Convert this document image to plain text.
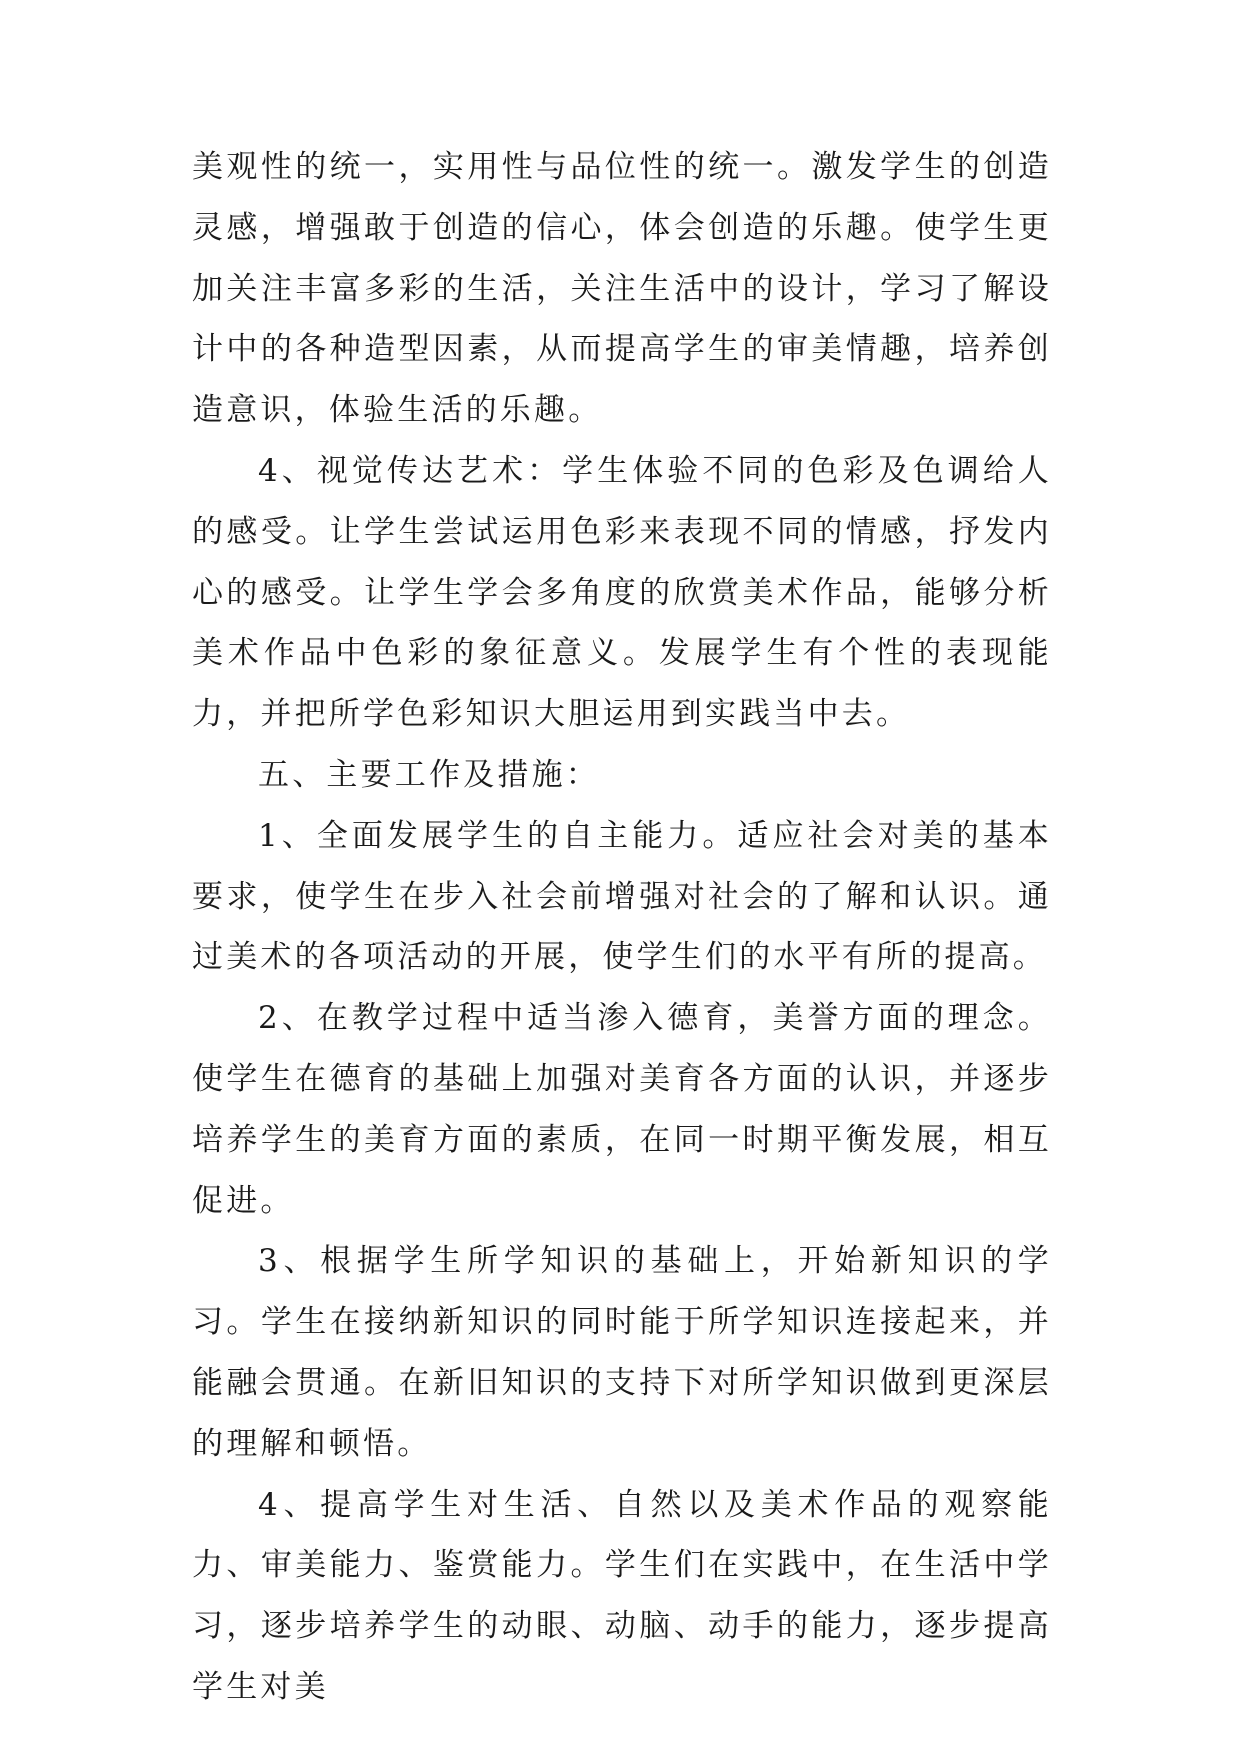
美观性的统一，实用性与品位性的统一。激发学生的创造灵感，增强敢于创造的信心，体会创造的乐趣。使学生更加关注丰富多彩的生活，关注生活中的设计，学习了解设计中的各种造型因素，从而提高学生的审美情趣，培养创造意识，体验生活的乐趣。

4、视觉传达艺术：学生体验不同的色彩及色调给人的感受。让学生尝试运用色彩来表现不同的情感，抒发内心的感受。让学生学会多角度的欣赏美术作品，能够分析美术作品中色彩的象征意义。发展学生有个性的表现能力，并把所学色彩知识大胆运用到实践当中去。

五、主要工作及措施：

1、全面发展学生的自主能力。适应社会对美的基本要求，使学生在步入社会前增强对社会的了解和认识。通过美术的各项活动的开展，使学生们的水平有所的提高。

2、在教学过程中适当渗入德育，美誉方面的理念。使学生在德育的基础上加强对美育各方面的认识，并逐步培养学生的美育方面的素质，在同一时期平衡发展，相互促进。

3、根据学生所学知识的基础上，开始新知识的学习。学生在接纳新知识的同时能于所学知识连接起来，并能融会贯通。在新旧知识的支持下对所学知识做到更深层的理解和顿悟。

4、提高学生对生活、自然以及美术作品的观察能力、审美能力、鉴赏能力。学生们在实践中，在生活中学习，逐步培养学生的动眼、动脑、动手的能力，逐步提高学生对美
